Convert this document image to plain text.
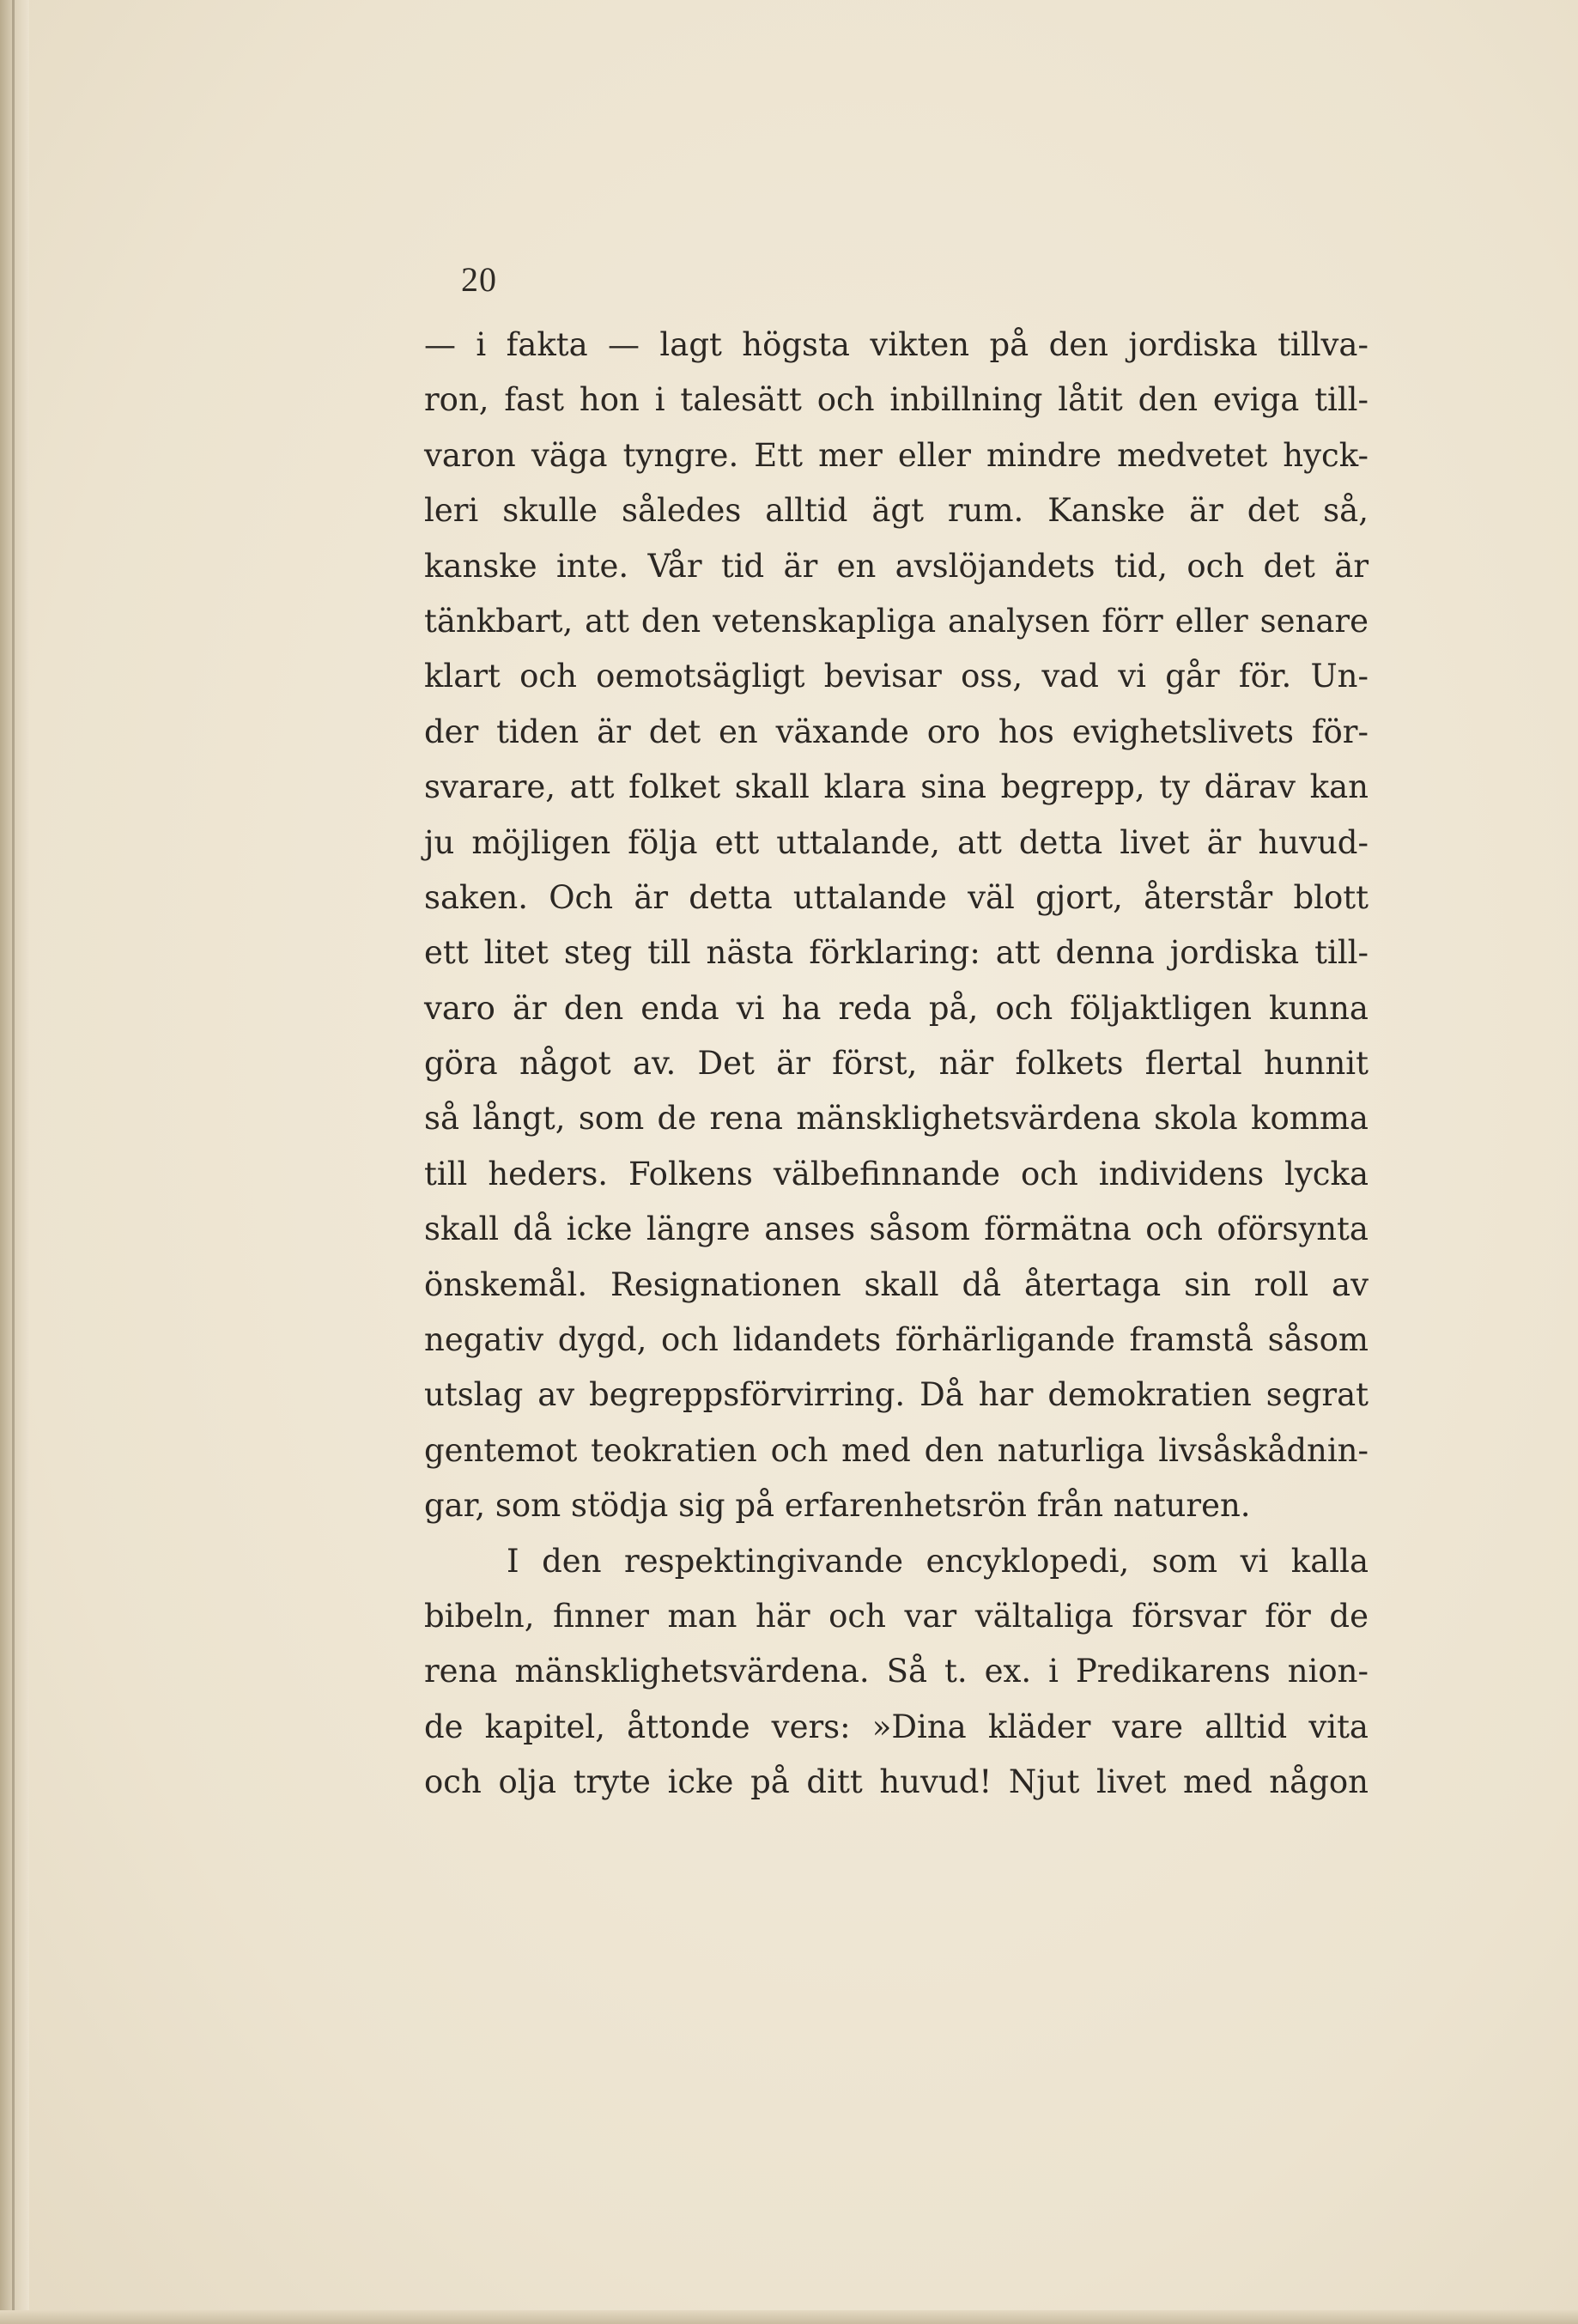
20
— i fakta — lagt högsta vikten på den jordiska tillva-
ron, fast hon i talesätt och inbillning låtit den eviga till-
varon väga tyngre. Ett mer eller mindre medvetet hyck-
leri skulle således alltid ägt rum. Kanske är det så,
kanske inte. Vår tid är en avslöjandets tid, och det är
tänkbart, att den vetenskapliga analysen förr eller senare
klart och oemotsägligt bevisar oss, vad vi går för. Un-
der tiden är det en växande oro hos evighetslivets för-
svarare, att folket skall klara sina begrepp, ty därav kan
ju möjligen följa ett uttalande, att detta livet är huvud-
saken. Och är detta uttalande väl gjort, återstår blott
ett litet steg till nästa förklaring: att denna jordiska till-
varo är den enda vi ha reda på, och följaktligen kunna
göra något av. Det är först, när folkets flertal hunnit
så långt, som de rena mänsklighetsvärdena skola komma
till heders. Folkens välbefinnande och individens lycka
skall då icke längre anses såsom förmätna och oförsynta
önskemål. Resignationen skall då återtaga sin roll av
negativ dygd, och lidandets förhärligande framstå såsom
utslag av begreppsförvirring. Då har demokratien segrat
gentemot teokratien och med den naturliga livsåskådnin-
gar, som stödja sig på erfarenhetsrön från naturen.
I den respektingivande encyklopedi, som vi kalla
bibeln, finner man här och var vältaliga försvar för de
rena mänsklighetsvärdena. Så t. ex. i Predikarens nion-
de kapitel, åttonde vers: »Dina kläder vare alltid vita
och olja tryte icke på ditt huvud! Njut livet med någon
